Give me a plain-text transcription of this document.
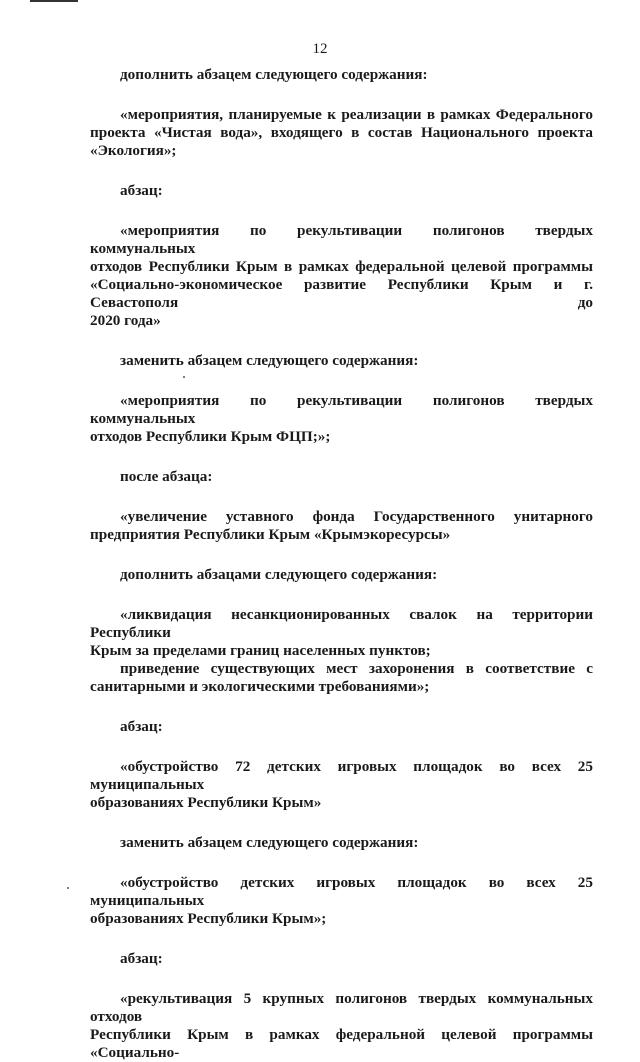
12
дополнить абзацем следующего содержания:
«мероприятия, планируемые к реализации в рамках Федерального
проекта «Чистая вода», входящего в состав Национального проекта
«Экология»;
абзац:
«мероприятия по рекультивации полигонов твердых коммунальных
отходов Республики Крым в рамках федеральной целевой программы
«Социально-экономическое развитие Республики Крым и г. Севастополя до
2020 года»
заменить абзацем следующего содержания:
«мероприятия по рекультивации полигонов твердых коммунальных
отходов Республики Крым ФЦП;»;
после абзаца:
«увеличение уставного фонда Государственного унитарного
предприятия Республики Крым «Крымэкоресурсы»
дополнить абзацами следующего содержания:
«ликвидация несанкционированных свалок на территории Республики
Крым за пределами границ населенных пунктов;
приведение существующих мест захоронения в соответствие с
санитарными и экологическими требованиями»;
абзац:
«обустройство 72 детских игровых площадок во всех 25 муниципальных
образованиях Республики Крым»
заменить абзацем следующего содержания:
«обустройство детских игровых площадок во всех 25 муниципальных
образованиях Республики Крым»;
абзац:
«рекультивация 5 крупных полигонов твердых коммунальных отходов
Республики Крым в рамках федеральной целевой программы «Социально-
